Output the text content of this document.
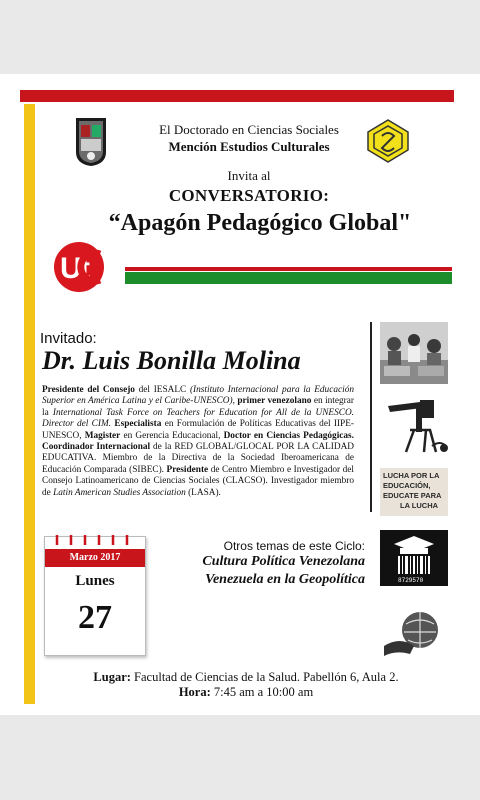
El Doctorado en Ciencias Sociales
Mención Estudios Culturales
Invita al
CONVERSATORIO:
“Apagón Pedagógico Global"
U
t
Invitado:
Dr. Luis Bonilla Molina
Presidente del Consejo del IESALC (Instituto Internacional para la Educación Superior en América Latina y el Caribe-UNESCO), primer venezolano en integrar la International Task Force on Teachers for Education for All de la UNESCO. Director del CIM. Especialista en Formulación de Políticas Educativas del IIPE-UNESCO, Magister en Gerencia Educacional, Doctor en Ciencias Pedagógicas. Coordinador Internacional de la RED GLOBAL/GLOCAL POR LA CALIDAD EDUCATIVA. Miembro de la Directiva de la Sociedad Iberoamericana de Educación Comparada (SIBEC). Presidente de Centro Miembro e Investigador del Consejo Latinoamericano de Ciencias Sociales (CLACSO). Investigador miembro de Latin American Studies Association (LASA).
LUCHA POR LA
EDUCACIÓN,
EDUCATE PARA
LA LUCHA
8729570
Marzo 2017
Lunes
27
Otros temas de este Ciclo:
Cultura Política Venezolana
Venezuela en la Geopolítica
Lugar: Facultad de Ciencias de la Salud. Pabellón 6, Aula 2.
Hora: 7:45 am a 10:00 am
